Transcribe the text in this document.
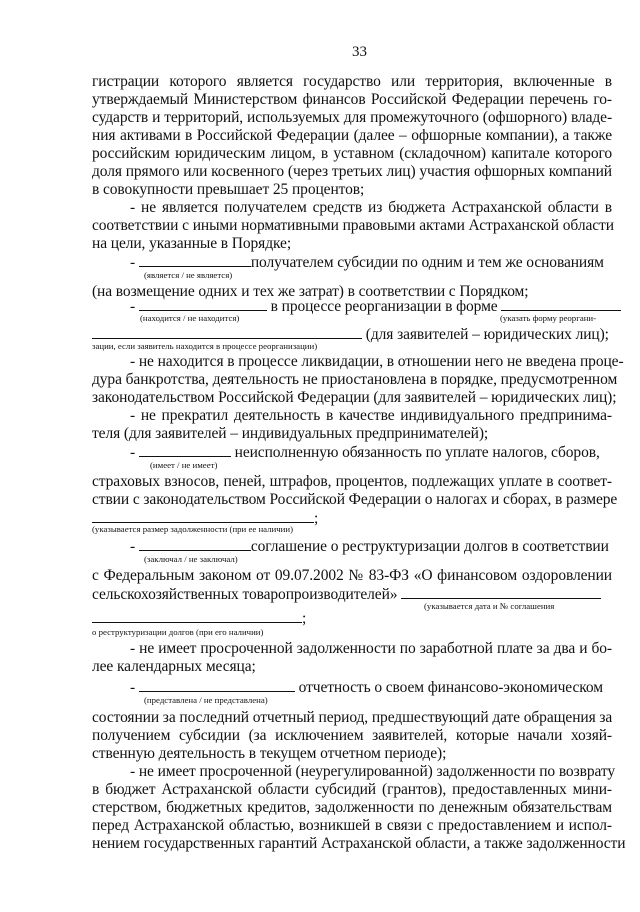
33
гистрации которого является государство или территория, включенные в
утверждаемый Министерством финансов Российской Федерации перечень го-
сударств и территорий, используемых для промежуточного (офшорного) владе-
ния активами в Российской Федерации (далее – офшорные компании), а также
российским юридическим лицом, в уставном (складочном) капитале которого
доля прямого или косвенного (через третьих лиц) участия офшорных компаний
в совокупности превышает 25 процентов;
- не является получателем средств из бюджета Астраханской области в
соответствии с иными нормативными правовыми актами Астраханской области
на цели, указанные в Порядке;
-	получателем субсидии по одним и тем же основаниям
(является / не является)
(на возмещение одних и тех же затрат) в соответствии с Порядком;
-	в процессе реорганизации в форме
(находится / не находится)	(указать форму реоргани-
(для заявителей – юридических лиц);
зации, если заявитель находится в процессе реорганизации)
- не находится в процессе ликвидации, в отношении него не введена проце-
дура банкротства, деятельность не приостановлена в порядке, предусмотренном
законодательством Российской Федерации (для заявителей – юридических лиц);
- не прекратил деятельность в качестве индивидуального предпринима-
теля (для заявителей – индивидуальных предпринимателей);
-	неисполненную обязанность по уплате налогов, сборов,
(имеет / не имеет)
страховых взносов, пеней, штрафов, процентов, подлежащих уплате в соответ-
ствии с законодательством Российской Федерации о налогах и сборах, в размере
;
(указывается размер задолженности (при ее наличии)
-	соглашение о реструктуризации долгов в соответствии
(заключал / не заключал)
с Федеральным законом от 09.07.2002 № 83-ФЗ «О финансовом оздоровлении
сельскохозяйственных товаропроизводителей»
(указывается дата и № соглашения
;
о реструктуризации долгов (при его наличии)
- не имеет просроченной задолженности по заработной плате за два и бо-
лее календарных месяца;
-	отчетность о своем финансово-экономическом
(представлена / не представлена)
состоянии за последний отчетный период, предшествующий дате обращения за
получением субсидии (за исключением заявителей, которые начали хозяй-
ственную деятельность в текущем отчетном периоде);
- не имеет просроченной (неурегулированной) задолженности по возврату
в бюджет Астраханской области субсидий (грантов), предоставленных мини-
стерством, бюджетных кредитов, задолженности по денежным обязательствам
перед Астраханской областью, возникшей в связи с предоставлением и испол-
нением государственных гарантий Астраханской области, а также задолженности
